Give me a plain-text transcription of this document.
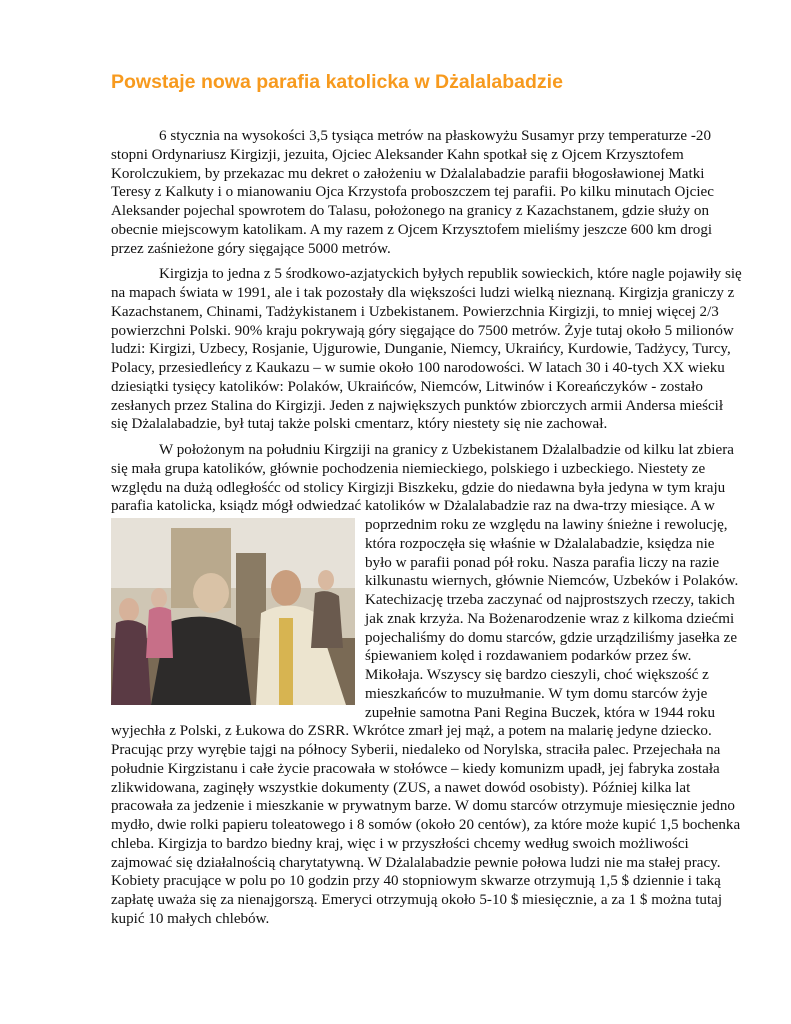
Powstaje nowa parafia katolicka w Dżalalabadzie

6 stycznia na wysokości 3,5 tysiąca metrów na płaskowyżu Susamyr przy temperaturze -20 stopni Ordynariusz Kirgizji, jezuita, Ojciec Aleksander Kahn spotkał się z Ojcem Krzysztofem Korolczukiem, by przekazac mu dekret o założeniu w Dżalalabadzie parafii błogosławionej Matki Teresy z Kalkuty i o mianowaniu Ojca Krzystofa proboszczem tej parafii. Po kilku minutach Ojciec Aleksander pojechal spowrotem do Talasu, położonego na granicy z Kazachstanem, gdzie służy on obecnie miejscowym katolikam. A my razem z Ojcem Krzysztofem mieliśmy jeszcze 600 km drogi przez zaśnieżone góry sięgające 5000 metrów.

Kirgizja to jedna z 5 środkowo-azjatyckich byłych republik sowieckich, które nagle pojawiły się na mapach świata w 1991, ale i tak pozostały dla większości ludzi wielką nieznaną. Kirgizja graniczy z Kazachstanem, Chinami, Tadżykistanem i Uzbekistanem. Powierzchnia Kirgizji, to mniej więcej 2/3 powierzchni Polski. 90% kraju pokrywają góry sięgające do 7500 metrów. Żyje tutaj około 5 milionów ludzi: Kirgizi, Uzbecy, Rosjanie, Ujgurowie, Dunganie, Niemcy, Ukraińcy, Kurdowie, Tadżycy, Turcy, Polacy, przesiedleńcy z Kaukazu – w sumie około 100 narodowości. W latach 30 i 40-tych XX wieku dziesiątki tysięcy katolików: Polaków, Ukraińców, Niemców, Litwinów i Koreańczyków - zostało zesłanych przez Stalina do Kirgizji. Jeden z największych punktów zbiorczych armii Andersa mieścił się Dżalalabadzie, był tutaj także polski cmentarz, który niestety się nie zachował.

W położonym na południu Kirgziji na granicy z Uzbekistanem Dżalalbadzie od kilku lat zbiera się mała grupa katolików, głównie pochodzenia niemieckiego, polskiego i uzbeckiego. Niestety ze względu na dużą odległośćc od stolicy Kirgizji Biszkeku, gdzie do niedawna była jedyna w tym kraju parafia katolicka, ksiądz mógł odwiedzać katolików w Dżalalabadzie raz na dwa-trzy
miesiące. A w poprzednim roku ze względu na lawiny śnieżne i rewolucję, która rozpoczęła się właśnie w Dżalalabadzie, księdza nie było w parafii ponad pół roku. Nasza parafia liczy na razie kilkunastu wiernych, głównie Niemców, Uzbeków i Polaków. Katechizację trzeba zaczynać od najprostszych rzeczy, takich jak znak krzyża. Na Bożenarodzenie wraz z kilkoma dziećmi pojechaliśmy do domu starców, gdzie urządziliśmy jasełka ze śpiewaniem kolęd i rozdawaniem podarków przez św. Mikołaja. Wszyscy się bardzo cieszyli, choć większość z mieszkańców to muzułmanie. W tym domu starców żyje zupełnie samotna Pani Regina Buczek, która w 1944 roku wyjechła z Polski, z Łukowa do ZSRR. Wkrótce zmarł jej mąż, a potem na malarię jedyne dziecko. Pracując przy wyrębie tajgi na północy Syberii, niedaleko od Norylska, straciła palec. Przejechała na południe Kirgzistanu i całe życie pracowała w stołówce – kiedy komunizm upadł, jej fabryka została zlikwidowana, zaginęły wszystkie dokumenty (ZUS, a nawet dowód osobisty). Później kilka lat pracowała za jedzenie i mieszkanie w prywatnym barze. W domu starców otrzymuje miesięcznie jedno mydło, dwie rolki papieru toleatowego i 8 somów (około 20 centów), za które może kupić 1,5 bochenka chleba. Kirgizja to bardzo biedny kraj, więc i w przyszłości chcemy według swoich możliwości zajmować się działalnością charytatywną. W Dżalalabadzie pewnie połowa ludzi nie ma stałej pracy. Kobiety pracujące w polu po 10 godzin przy 40 stopniowym skwarze otrzymują 1,5 $ dziennie i taką zapłatę uważa się za nienajgorszą. Emeryci otrzymują około 5-10 $ miesięcznie, a za 1 $ można tutaj kupić 10 małych chlebów.
